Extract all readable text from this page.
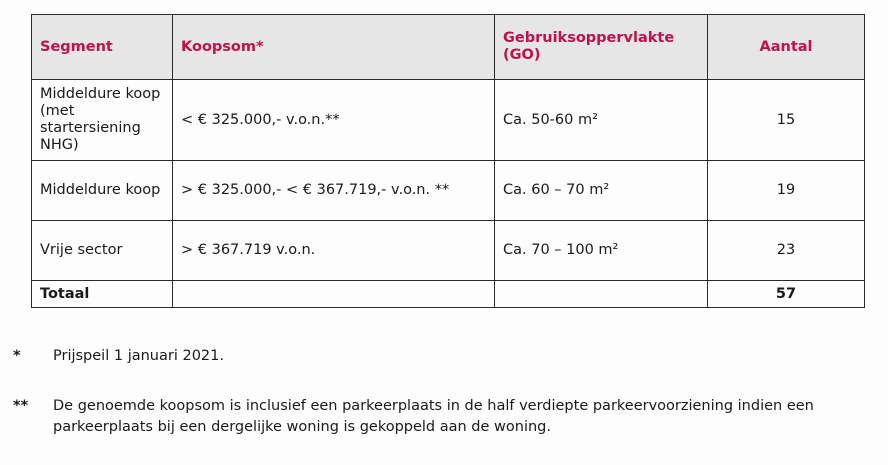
Segment	Koopsom*	Gebruiksoppervlakte (GO)	Aantal
Middeldure koop (met startersiening NHG)	< € 325.000,- v.o.n.**	Ca. 50-60 m²	15
Middeldure koop	> € 325.000,- < € 367.719,- v.o.n. **	Ca. 60 – 70 m²	19
Vrije sector	> € 367.719 v.o.n.	Ca. 70 – 100 m²	23
Totaal			57
* Prijspeil 1 januari 2021.
** De genoemde koopsom is inclusief een parkeerplaats in de half verdiepte parkeervoorziening indien een parkeerplaats bij een dergelijke woning is gekoppeld aan de woning.
